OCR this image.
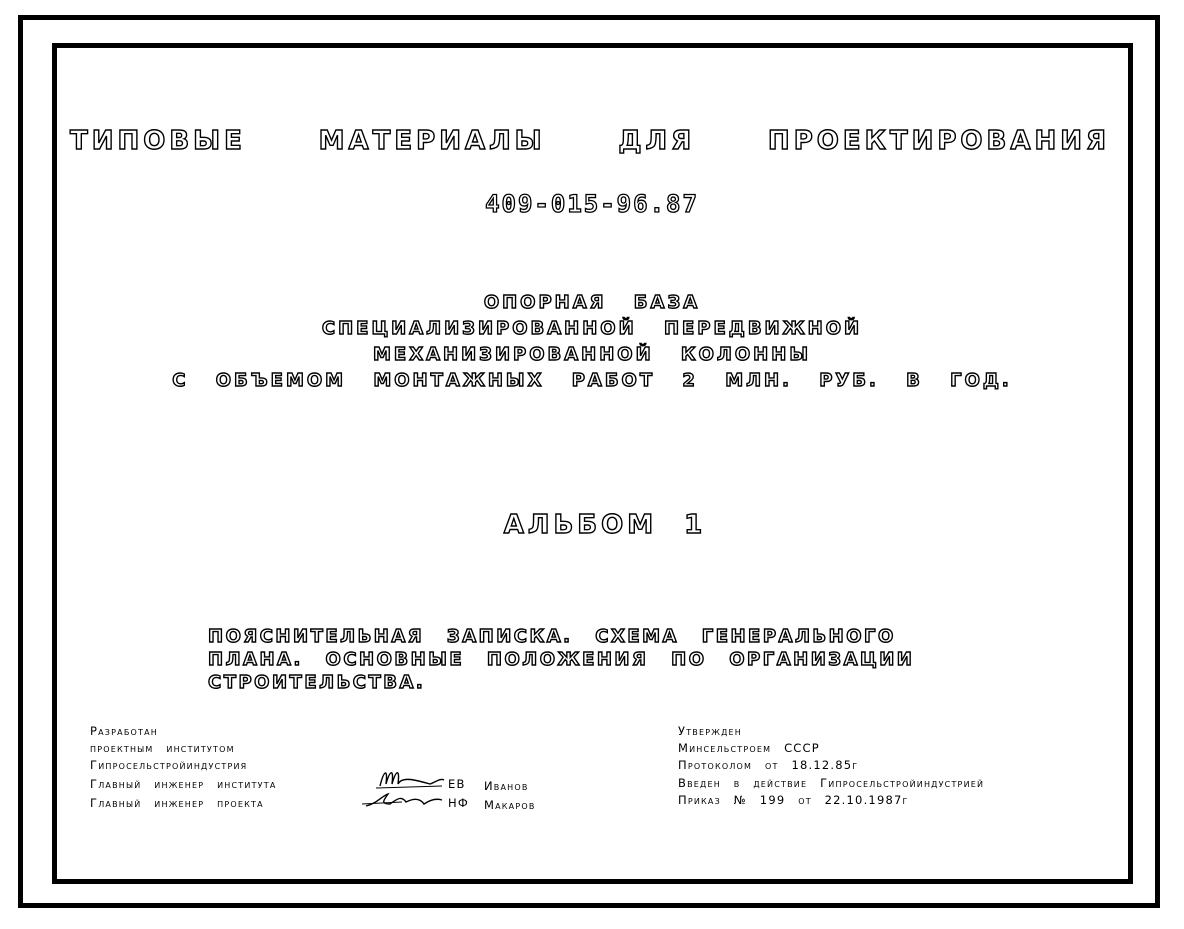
ТИПОВЫЕ МАТЕРИАЛЫ ДЛЯ ПРОЕКТИРОВАНИЯ
409-015-96.87
ОПОРНАЯ БАЗА
СПЕЦИАЛИЗИРОВАННОЙ ПЕРЕДВИЖНОЙ
МЕХАНИЗИРОВАННОЙ КОЛОННЫ
С ОБЪЕМОМ МОНТАЖНЫХ РАБОТ 2 МЛН. РУБ. В ГОД.
АЛЬБОМ 1
ПОЯСНИТЕЛЬНАЯ ЗАПИСКА. СХЕМА ГЕНЕРАЛЬНОГО
ПЛАНА. ОСНОВНЫЕ ПОЛОЖЕНИЯ ПО ОРГАНИЗАЦИИ
СТРОИТЕЛЬСТВА.
Разработан
проектным институтом
Гипросельстройиндустрия
Главный инженер института	ЕВ Иванов
Главный инженер проекта	НФ Макаров
Утвержден
Минсельстроем СССР
Протоколом от 18.12.85г
Введен в действие Гипросельстройиндустрией
Приказ № 199 от 22.10.1987г
